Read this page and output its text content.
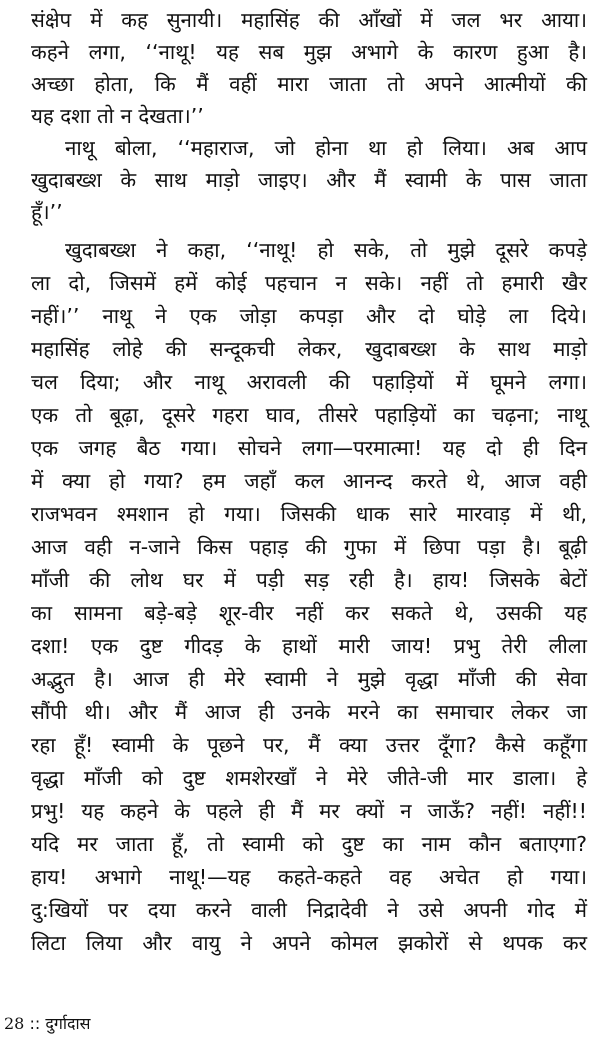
संक्षेप में कह सुनायी। महासिंह की आँखों में जल भर आया।
कहने लगा, ‘‘नाथू! यह सब मुझ अभागे के कारण हुआ है।
अच्छा होता, कि मैं वहीं मारा जाता तो अपने आत्मीयों की
यह दशा तो न देखता।’’
नाथू बोला, ‘‘महाराज, जो होना था हो लिया। अब आप
खुदाबख्श के साथ माड़ो जाइए। और मैं स्वामी के पास जाता
हूँ।’’
खुदाबख्श ने कहा, ‘‘नाथू! हो सके, तो मुझे दूसरे कपड़े
ला दो, जिसमें हमें कोई पहचान न सके। नहीं तो हमारी खैर
नहीं।’’ नाथू ने एक जोड़ा कपड़ा और दो घोड़े ला दिये।
महासिंह लोहे की सन्दूकची लेकर, खुदाबख्श के साथ माड़ो
चल दिया; और नाथू अरावली की पहाड़ियों में घूमने लगा।
एक तो बूढ़ा, दूसरे गहरा घाव, तीसरे पहाड़ियों का चढ़ना; नाथू
एक जगह बैठ गया। सोचने लगा—परमात्मा! यह दो ही दिन
में क्या हो गया? हम जहाँ कल आनन्द करते थे, आज वही
राजभवन श्मशान हो गया। जिसकी धाक सारे मारवाड़ में थी,
आज वही न-जाने किस पहाड़ की गुफा में छिपा पड़ा है। बूढ़ी
माँजी की लोथ घर में पड़ी सड़ रही है। हाय! जिसके बेटों
का सामना बड़े-बड़े शूर-वीर नहीं कर सकते थे, उसकी यह
दशा! एक दुष्ट गीदड़ के हाथों मारी जाय! प्रभु तेरी लीला
अद्भुत है। आज ही मेरे स्वामी ने मुझे वृद्धा माँजी की सेवा
सौंपी थी। और मैं आज ही उनके मरने का समाचार लेकर जा
रहा हूँ! स्वामी के पूछने पर, मैं क्या उत्तर दूँगा? कैसे कहूँगा
वृद्धा माँजी को दुष्ट शमशेरखाँ ने मेरे जीते-जी मार डाला। हे
प्रभु! यह कहने के पहले ही मैं मर क्यों न जाऊँ? नहीं! नहीं!!
यदि मर जाता हूँ, तो स्वामी को दुष्ट का नाम कौन बताएगा?
हाय! अभागे नाथू!—यह कहते-कहते वह अचेत हो गया।
दु:खियों पर दया करने वाली निद्रादेवी ने उसे अपनी गोद में
लिटा लिया और वायु ने अपने कोमल झकोरों से थपक कर
28 :: दुर्गादास
